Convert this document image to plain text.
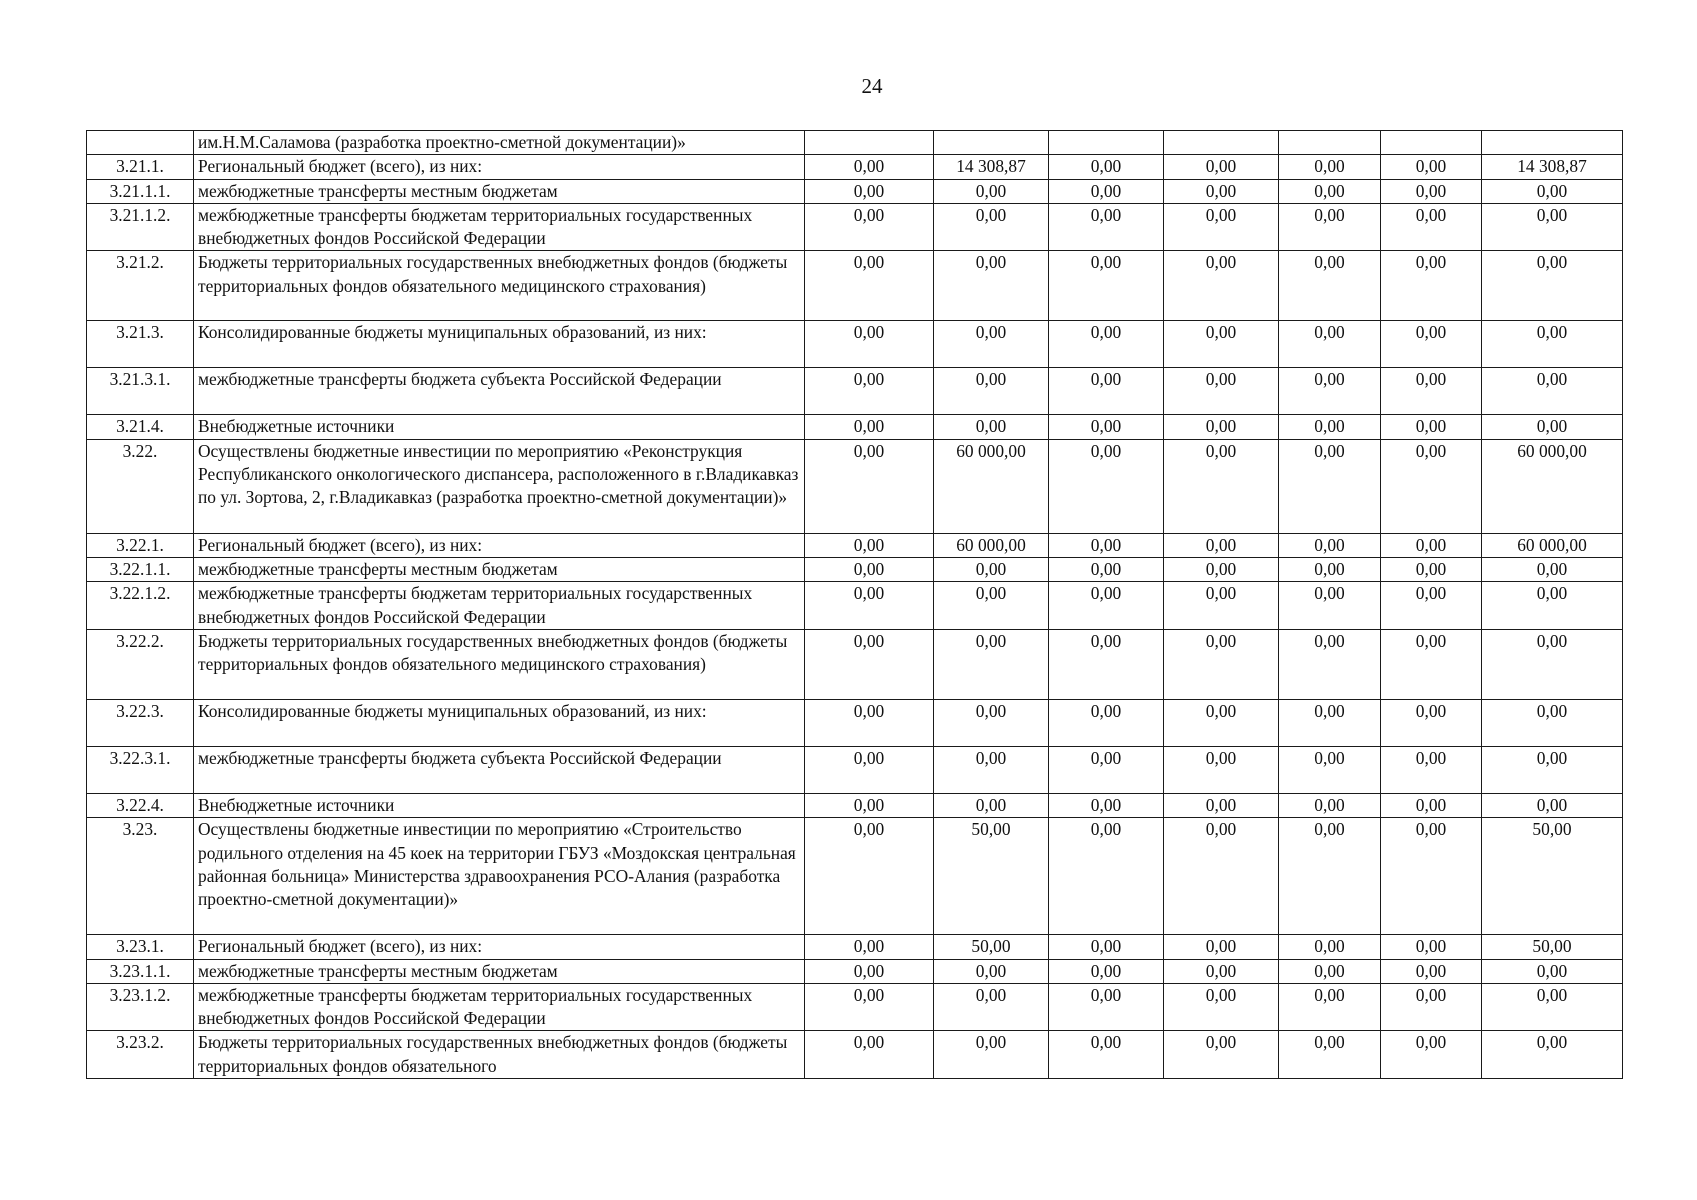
24
	им.Н.М.Саламова (разработка проектно-сметной документации)»							
3.21.1.	Региональный бюджет (всего), из них:	0,00	14 308,87	0,00	0,00	0,00	0,00	14 308,87
3.21.1.1.	межбюджетные трансферты местным бюджетам	0,00	0,00	0,00	0,00	0,00	0,00	0,00
3.21.1.2.	межбюджетные трансферты бюджетам территориальных государственных внебюджетных фондов Российской Федерации	0,00	0,00	0,00	0,00	0,00	0,00	0,00
3.21.2.	Бюджеты территориальных государственных внебюджетных фондов (бюджеты территориальных фондов обязательного медицинского страхования)	0,00	0,00	0,00	0,00	0,00	0,00	0,00
3.21.3.	Консолидированные бюджеты муниципальных образований, из них:	0,00	0,00	0,00	0,00	0,00	0,00	0,00
3.21.3.1.	межбюджетные трансферты бюджета субъекта Российской Федерации	0,00	0,00	0,00	0,00	0,00	0,00	0,00
3.21.4.	Внебюджетные источники	0,00	0,00	0,00	0,00	0,00	0,00	0,00
3.22.	Осуществлены бюджетные инвестиции по мероприятию «Реконструкция Республиканского онкологического диспансера, расположенного в г.Владикавказ по ул. Зортова, 2, г.Владикавказ (разработка проектно-сметной документации)»	0,00	60 000,00	0,00	0,00	0,00	0,00	60 000,00
3.22.1.	Региональный бюджет (всего), из них:	0,00	60 000,00	0,00	0,00	0,00	0,00	60 000,00
3.22.1.1.	межбюджетные трансферты местным бюджетам	0,00	0,00	0,00	0,00	0,00	0,00	0,00
3.22.1.2.	межбюджетные трансферты бюджетам территориальных государственных внебюджетных фондов Российской Федерации	0,00	0,00	0,00	0,00	0,00	0,00	0,00
3.22.2.	Бюджеты территориальных государственных внебюджетных фондов (бюджеты территориальных фондов обязательного медицинского страхования)	0,00	0,00	0,00	0,00	0,00	0,00	0,00
3.22.3.	Консолидированные бюджеты муниципальных образований, из них:	0,00	0,00	0,00	0,00	0,00	0,00	0,00
3.22.3.1.	межбюджетные трансферты бюджета субъекта Российской Федерации	0,00	0,00	0,00	0,00	0,00	0,00	0,00
3.22.4.	Внебюджетные источники	0,00	0,00	0,00	0,00	0,00	0,00	0,00
3.23.	Осуществлены бюджетные инвестиции по мероприятию «Строительство родильного отделения на 45 коек на территории ГБУЗ «Моздокская центральная районная больница» Министерства здравоохранения РСО-Алания (разработка проектно-сметной документации)»	0,00	50,00	0,00	0,00	0,00	0,00	50,00
3.23.1.	Региональный бюджет (всего), из них:	0,00	50,00	0,00	0,00	0,00	0,00	50,00
3.23.1.1.	межбюджетные трансферты местным бюджетам	0,00	0,00	0,00	0,00	0,00	0,00	0,00
3.23.1.2.	межбюджетные трансферты бюджетам территориальных государственных внебюджетных фондов Российской Федерации	0,00	0,00	0,00	0,00	0,00	0,00	0,00
3.23.2.	Бюджеты территориальных государственных внебюджетных фондов (бюджеты территориальных фондов обязательного	0,00	0,00	0,00	0,00	0,00	0,00	0,00
